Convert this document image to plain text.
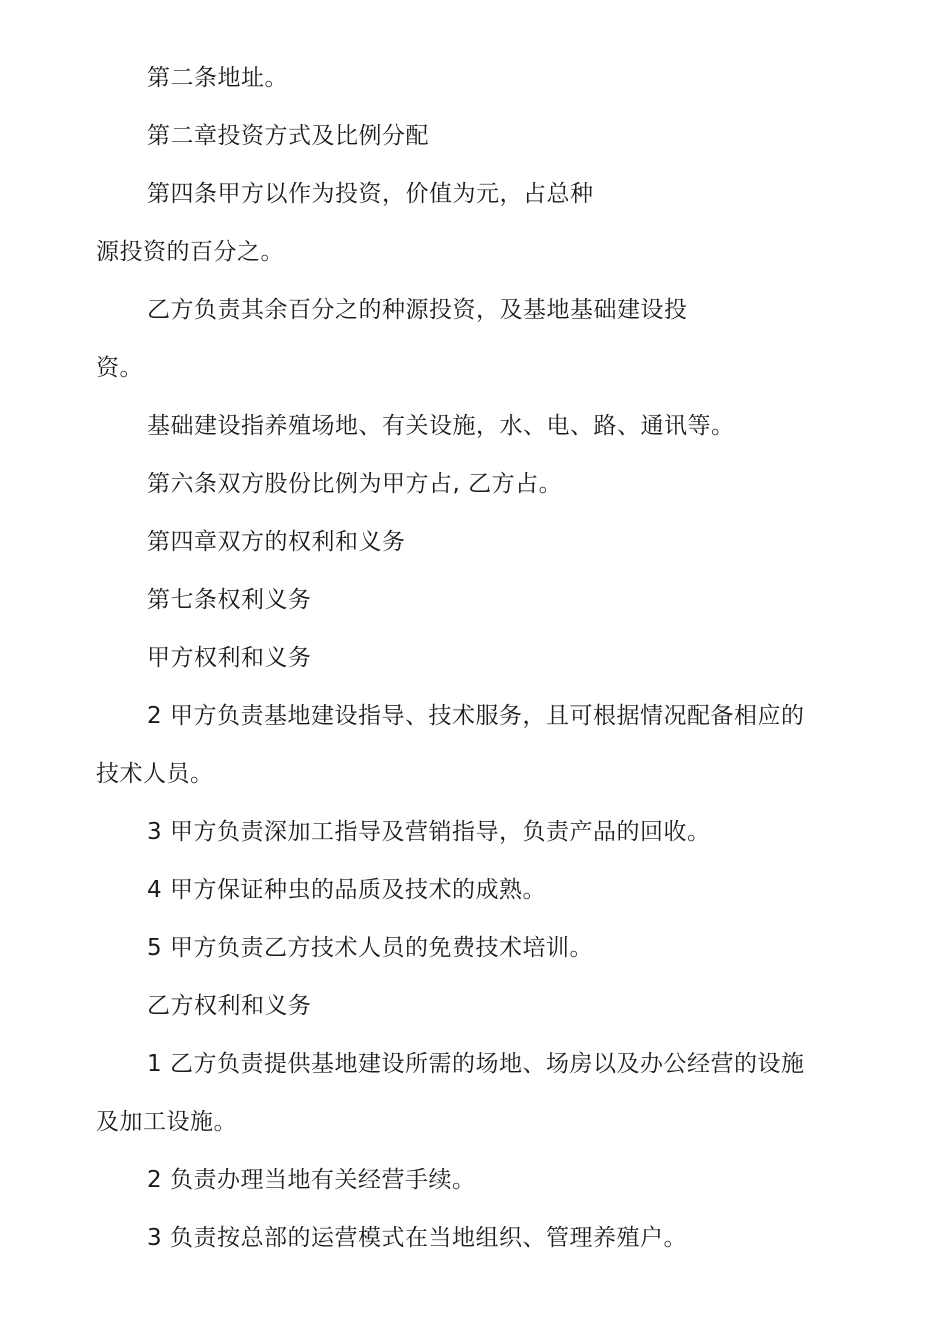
第二条地址。
第二章投资方式及比例分配
第四条甲方以作为投资，价值为元，占总种
源投资的百分之。
乙方负责其余百分之的种源投资，及基地基础建设投
资。
基础建设指养殖场地、有关设施，水、电、路、通讯等。
第六条双方股份比例为甲方占, 乙方占。
第四章双方的权利和义务
第七条权利义务
甲方权利和义务
2 甲方负责基地建设指导、技术服务，且可根据情况配备相应的
技术人员。
3 甲方负责深加工指导及营销指导，负责产品的回收。
4 甲方保证种虫的品质及技术的成熟。
5 甲方负责乙方技术人员的免费技术培训。
乙方权利和义务
1 乙方负责提供基地建设所需的场地、场房以及办公经营的设施
及加工设施。
2 负责办理当地有关经营手续。
3 负责按总部的运营模式在当地组织、管理养殖户。
